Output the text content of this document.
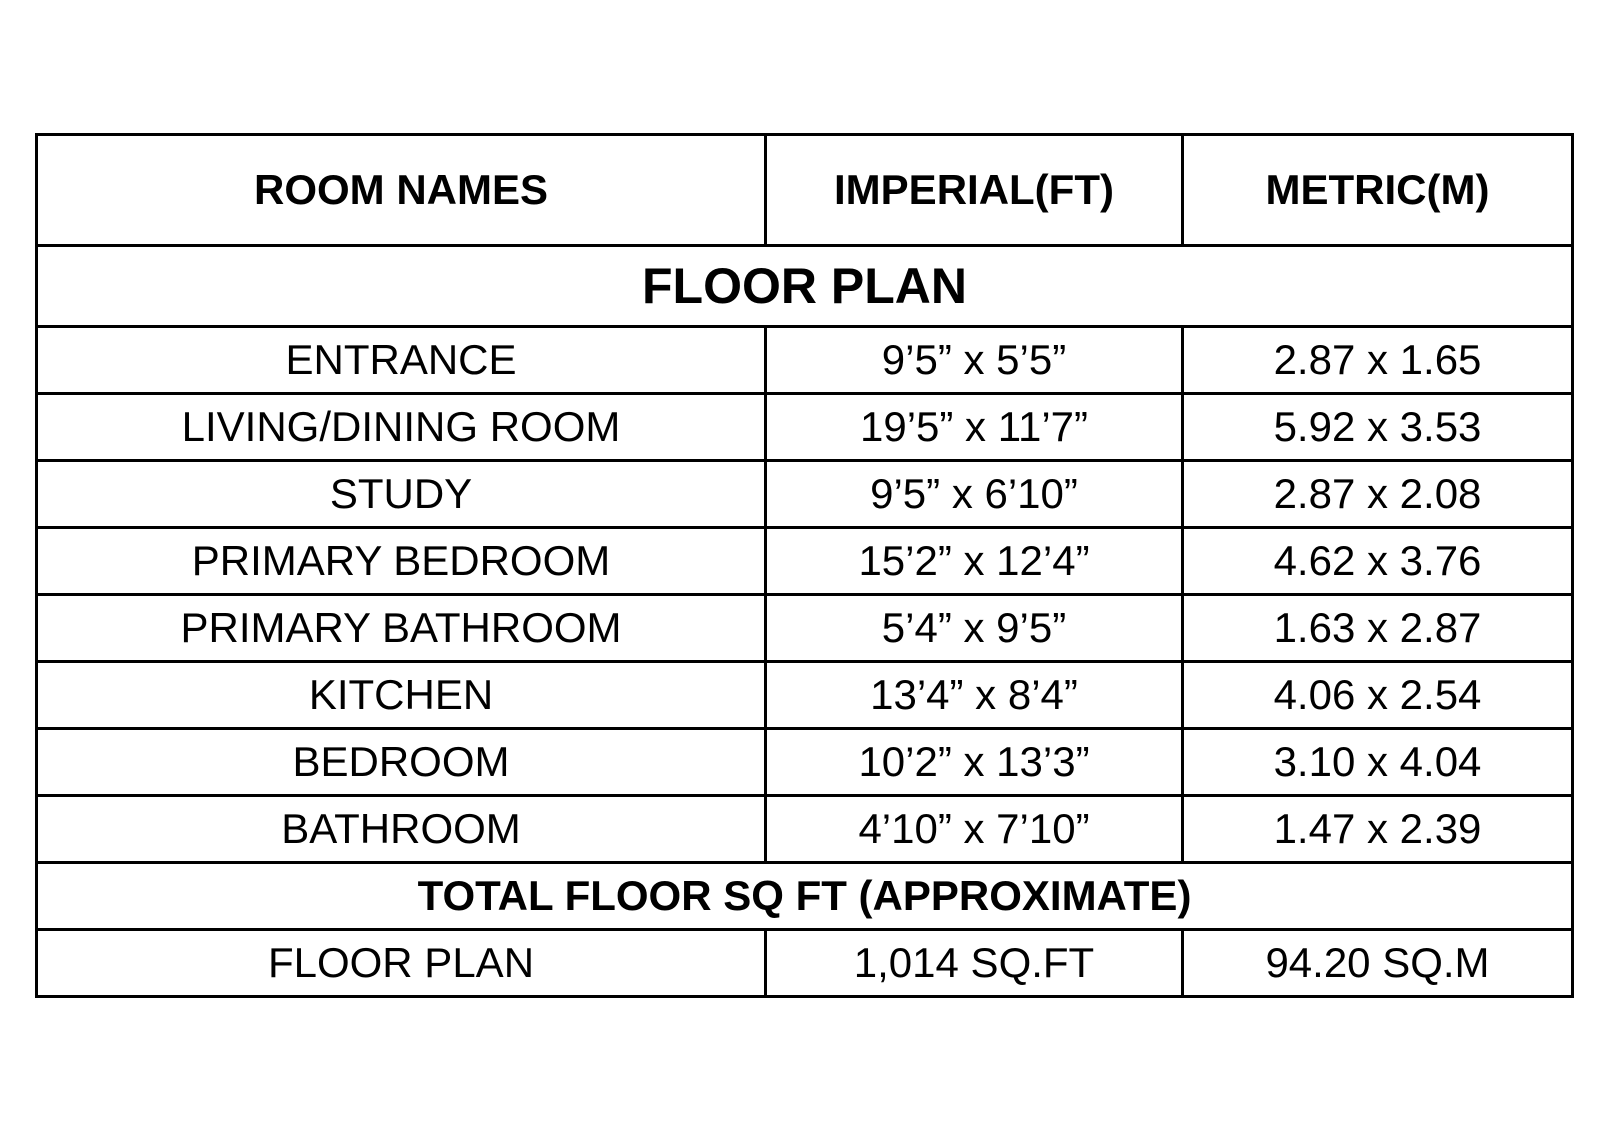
ROOM NAMES	IMPERIAL(FT)	METRIC(M)
FLOOR PLAN		
ENTRANCE	9’5” x 5’5”	2.87 x 1.65
LIVING/DINING ROOM	19’5” x 11’7”	5.92 x 3.53
STUDY	9’5” x 6’10”	2.87 x 2.08
PRIMARY BEDROOM	15’2” x 12’4”	4.62 x 3.76
PRIMARY BATHROOM	5’4” x 9’5”	1.63 x 2.87
KITCHEN	13’4” x 8’4”	4.06 x 2.54
BEDROOM	10’2” x 13’3”	3.10 x 4.04
BATHROOM	4’10” x 7’10”	1.47 x 2.39
TOTAL FLOOR SQ FT (APPROXIMATE)		
FLOOR PLAN	1,014 SQ.FT	94.20 SQ.M
